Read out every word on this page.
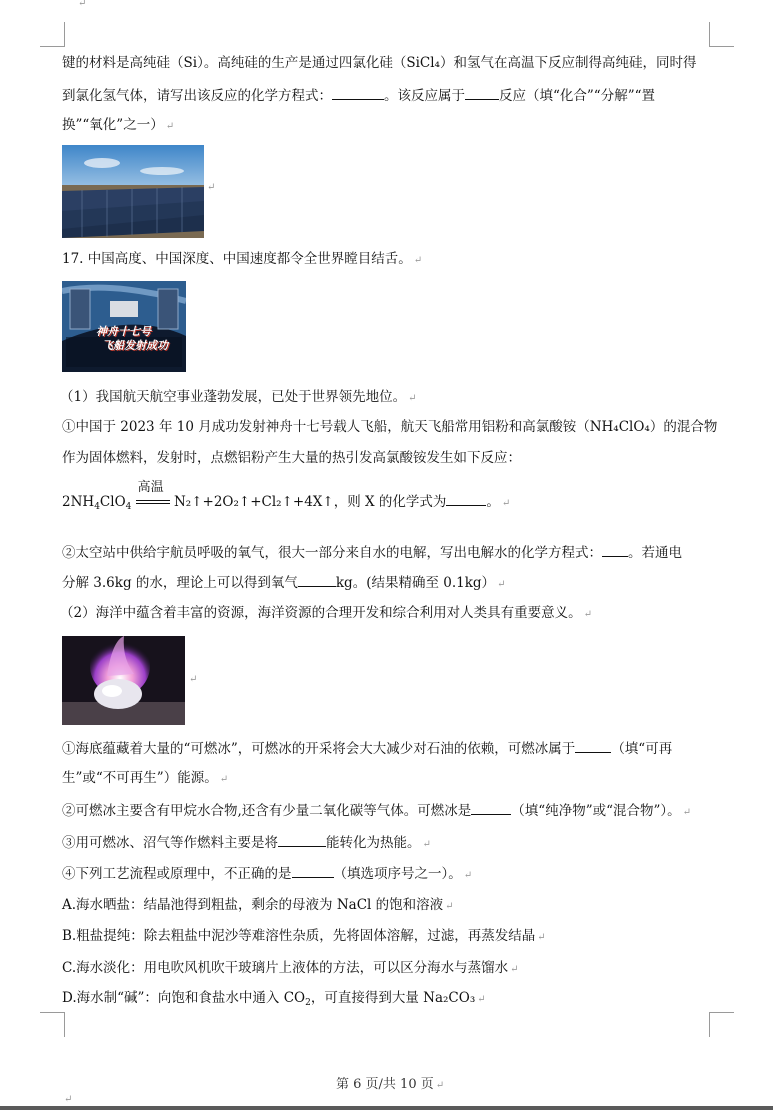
↵
↵
键的材料是高纯硅（Si）。高纯硅的生产是通过四氯化硅（SiCl₄）和氢气在高温下反应制得高纯硅，同时得
到氯化氢气体，请写出该反应的化学方程式：	。该反应属于	反应（填“化合”“分解”“置
换”“氧化”之一） ↵
↵
17. 中国高度、中国深度、中国速度都令全世界瞠目结舌。 ↵
神舟十七号
飞船发射成功
（1）我国航天航空事业蓬勃发展，已处于世界领先地位。 ↵
①中国于 2023 年 10 月成功发射神舟十七号载人飞船，航天飞船常用铝粉和高氯酸铵（NH₄ClO₄）的混合物
作为固体燃料，发射时，点燃铝粉产生大量的热引发高氯酸铵发生如下反应：
$2NH_4ClO_4$
高温
N₂↑+2O₂↑+Cl₂↑+4X↑，则 X 的化学式为	。 ↵
②太空站中供给宇航员呼吸的氧气，很大一部分来自水的电解，写出电解水的化学方程式： 。若通电
分解 3.6kg 的水，理论上可以得到氧气	kg。(结果精确至 0.1kg） ↵
（2）海洋中蕴含着丰富的资源，海洋资源的合理开发和综合利用对人类具有重要意义。 ↵
↵
①海底蕴藏着大量的“可燃冰”，可燃冰的开采将会大大减少对石油的依赖，可燃冰属于	（填“可再
生”或“不可再生”）能源。 ↵
②可燃冰主要含有甲烷水合物,还含有少量二氧化碳等气体。可燃冰是	（填“纯净物”或“混合物”）。 ↵
③用可燃冰、沼气等作燃料主要是将	能转化为热能。 ↵
④下列工艺流程或原理中，不正确的是	（填选项序号之一）。 ↵
A.海水晒盐：结晶池得到粗盐，剩余的母液为 NaCl 的饱和溶液 ↵
B.粗盐提纯：除去粗盐中泥沙等难溶性杂质，先将固体溶解，过滤，再蒸发结晶 ↵
C.海水淡化：用电吹风机吹干玻璃片上液体的方法，可以区分海水与蒸馏水 ↵
D.海水制“碱”：向饱和食盐水中通入 $CO_2$，可直接得到大量 Na₂CO₃ ↵
第 6 页/共 10 页 ↵
